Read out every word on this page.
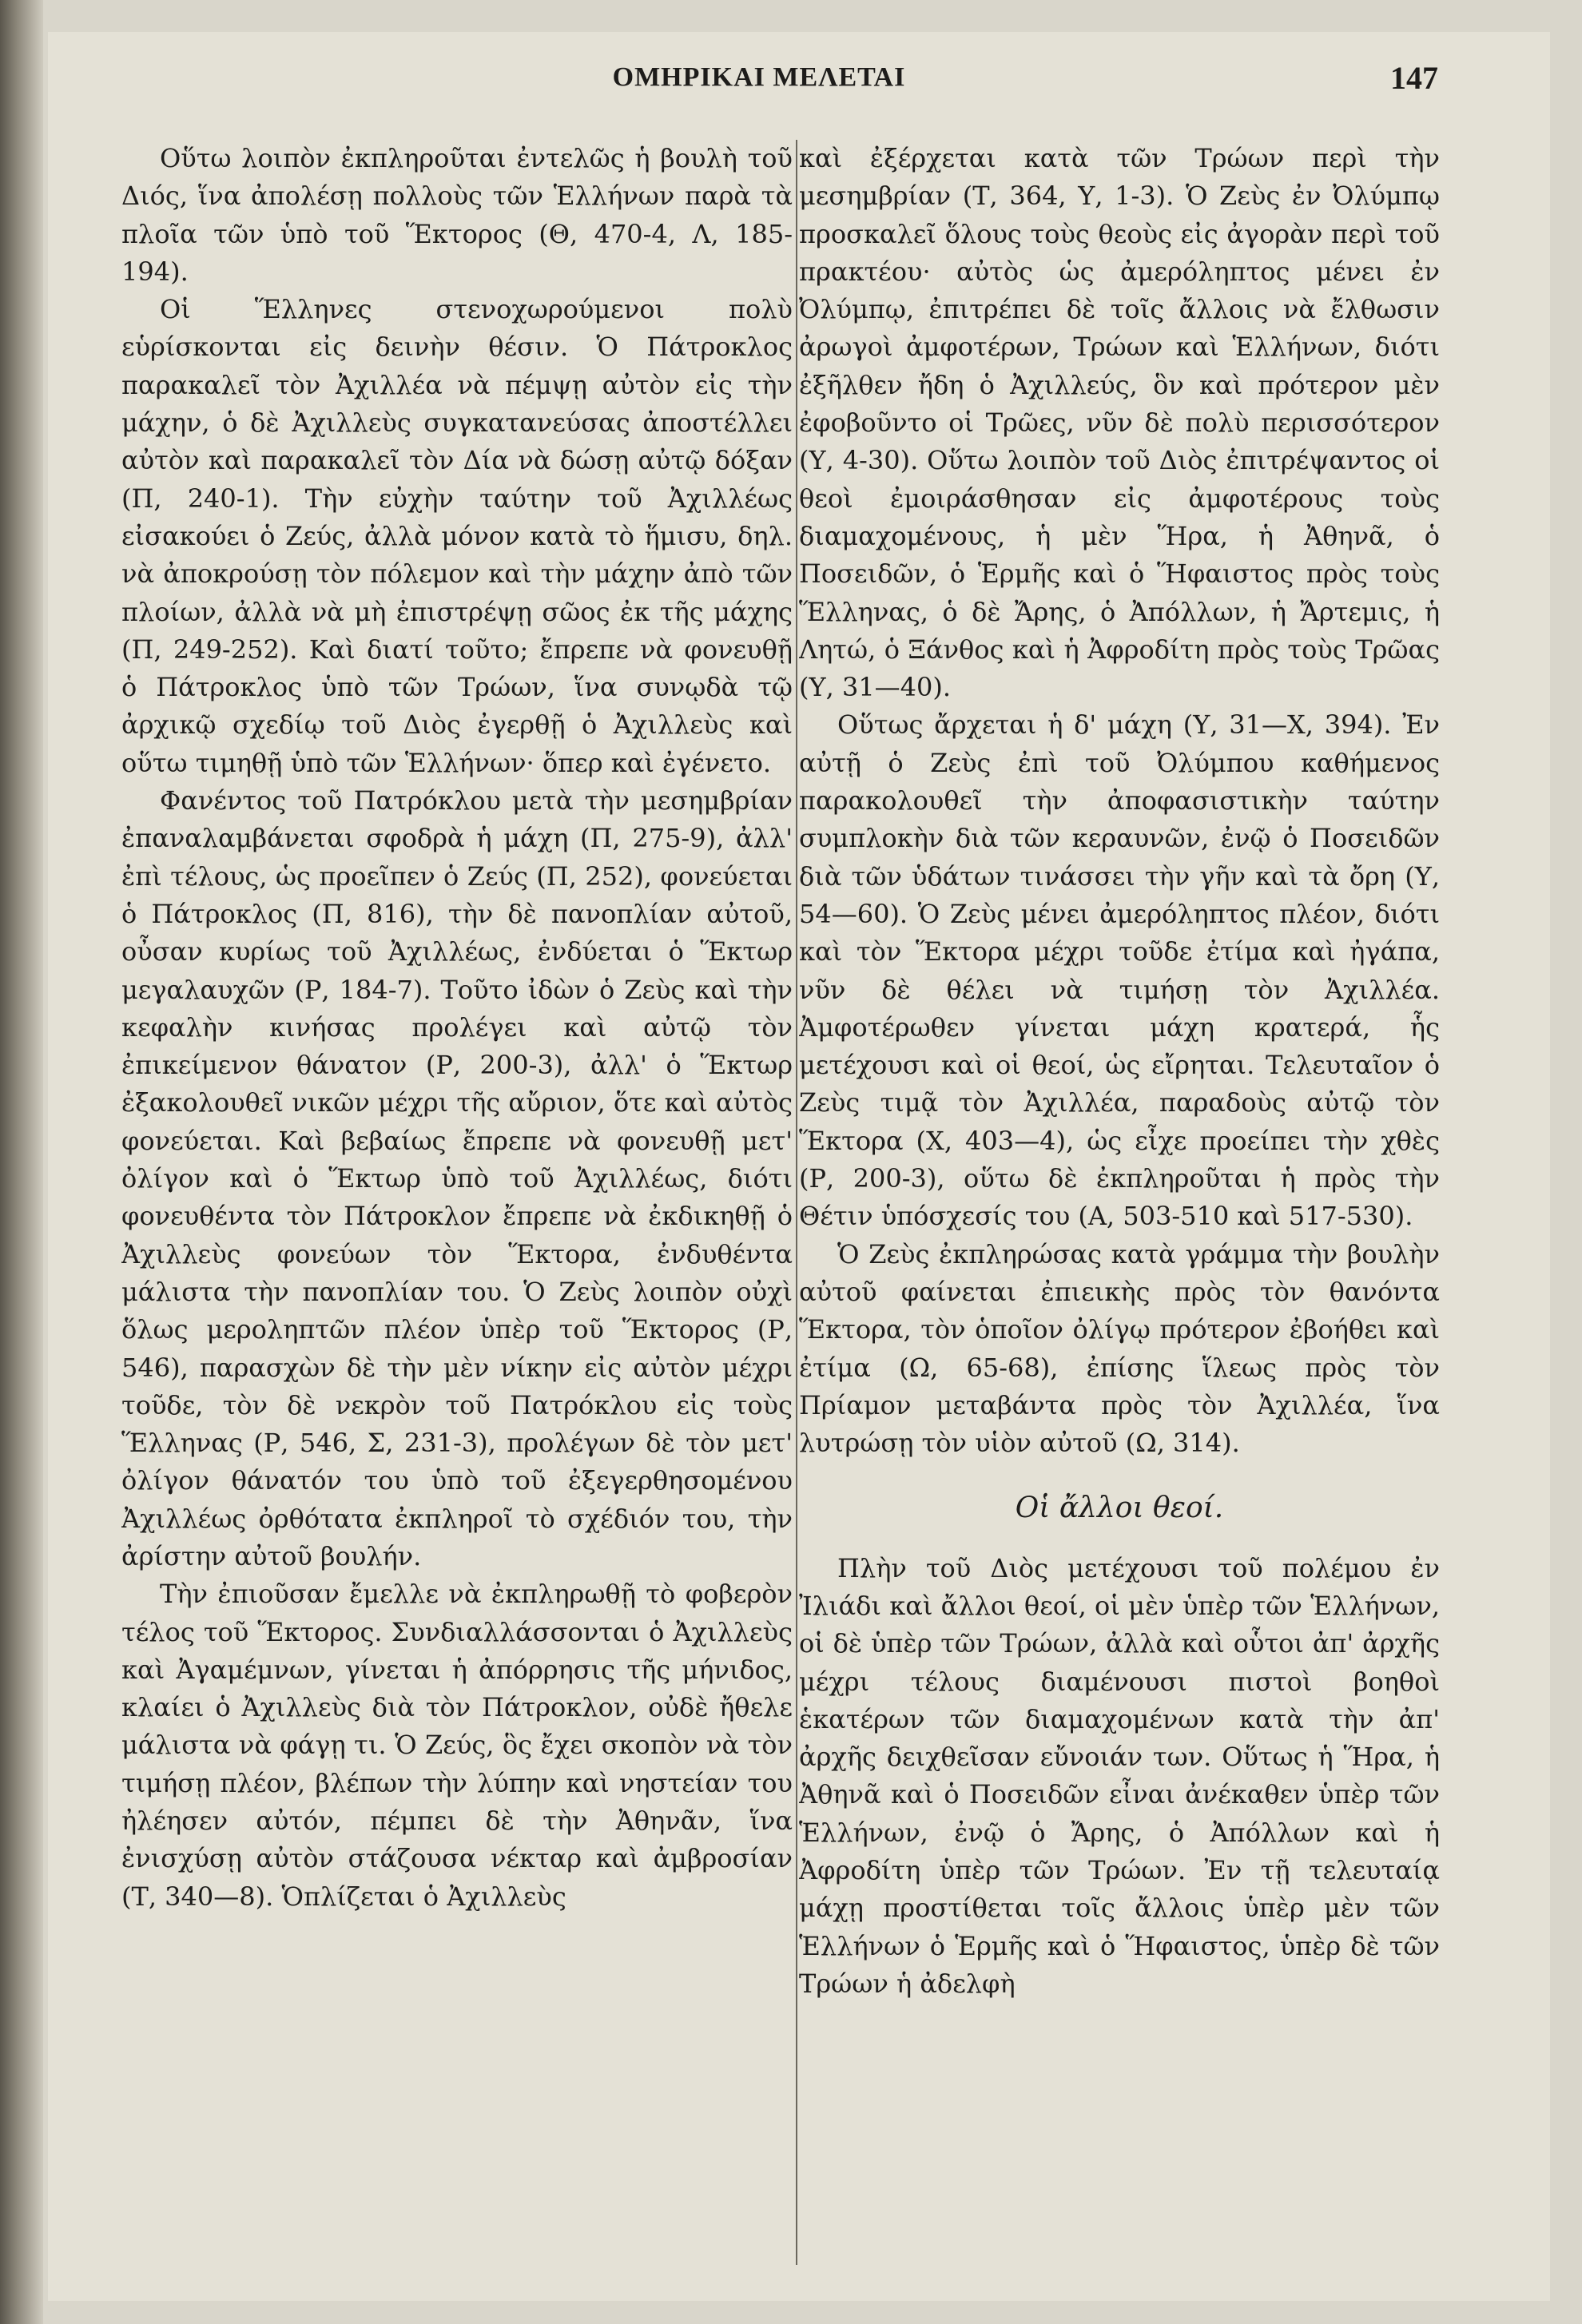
ΟΜΗΡΙΚΑΙ ΜΕΛΕΤΑΙ	147

Οὕτω λοιπὸν ἐκπληροῦται ἐντελῶς ἡ βουλὴ τοῦ Διός, ἵνα ἀπολέσῃ πολλοὺς τῶν Ἑλλήνων παρὰ τὰ πλοῖα τῶν ὑπὸ τοῦ Ἕκτορος (Θ, 470-4, Λ, 185-194).

Οἱ Ἕλληνες στενοχωρούμενοι πολὺ εὑρίσκονται εἰς δεινὴν θέσιν. Ὁ Πάτροκλος παρακαλεῖ τὸν Ἀχιλλέα νὰ πέμψῃ αὐτὸν εἰς τὴν μάχην, ὁ δὲ Ἀχιλλεὺς συγκατανεύσας ἀποστέλλει αὐτὸν καὶ παρακαλεῖ τὸν Δία νὰ δώσῃ αὐτῷ δόξαν (Π, 240-1). Τὴν εὐχὴν ταύτην τοῦ Ἀχιλλέως εἰσακούει ὁ Ζεύς, ἀλλὰ μόνον κατὰ τὸ ἥμισυ, δηλ. νὰ ἀποκρούσῃ τὸν πόλεμον καὶ τὴν μάχην ἀπὸ τῶν πλοίων, ἀλλὰ νὰ μὴ ἐπιστρέψῃ σῶος ἐκ τῆς μάχης (Π, 249-252). Καὶ διατί τοῦτο; ἔπρεπε νὰ φονευθῇ ὁ Πάτροκλος ὑπὸ τῶν Τρώων, ἵνα συνῳδὰ τῷ ἀρχικῷ σχεδίῳ τοῦ Διὸς ἐγερθῇ ὁ Ἀχιλλεὺς καὶ οὕτω τιμηθῇ ὑπὸ τῶν Ἑλλήνων· ὅπερ καὶ ἐγένετο.

Φανέντος τοῦ Πατρόκλου μετὰ τὴν μεσημβρίαν ἐπαναλαμβάνεται σφοδρὰ ἡ μάχη (Π, 275-9), ἀλλ' ἐπὶ τέλους, ὡς προεῖπεν ὁ Ζεύς (Π, 252), φονεύεται ὁ Πάτροκλος (Π, 816), τὴν δὲ πανοπλίαν αὐτοῦ, οὖσαν κυρίως τοῦ Ἀχιλλέως, ἐνδύεται ὁ Ἕκτωρ μεγαλαυχῶν (Ρ, 184-7). Τοῦτο ἰδὼν ὁ Ζεὺς καὶ τὴν κεφαλὴν κινήσας προλέγει καὶ αὐτῷ τὸν ἐπικείμενον θάνατον (Ρ, 200-3), ἀλλ' ὁ Ἕκτωρ ἐξακολουθεῖ νικῶν μέχρι τῆς αὔριον, ὅτε καὶ αὐτὸς φονεύεται. Καὶ βεβαίως ἔπρεπε νὰ φονευθῇ μετ' ὀλίγον καὶ ὁ Ἕκτωρ ὑπὸ τοῦ Ἀχιλλέως, διότι φονευθέντα τὸν Πάτροκλον ἔπρεπε νὰ ἐκδικηθῇ ὁ Ἀχιλλεὺς φονεύων τὸν Ἕκτορα, ἐνδυθέντα μάλιστα τὴν πανοπλίαν του. Ὁ Ζεὺς λοιπὸν οὐχὶ ὅλως μεροληπτῶν πλέον ὑπὲρ τοῦ Ἕκτορος (Ρ, 546), παρασχὼν δὲ τὴν μὲν νίκην εἰς αὐτὸν μέχρι τοῦδε, τὸν δὲ νεκρὸν τοῦ Πατρόκλου εἰς τοὺς Ἕλληνας (Ρ, 546, Σ, 231-3), προλέγων δὲ τὸν μετ' ὀλίγον θάνατόν του ὑπὸ τοῦ ἐξεγερθησομένου Ἀχιλλέως ὀρθότατα ἐκπληροῖ τὸ σχέδιόν του, τὴν ἀρίστην αὐτοῦ βουλήν.

Τὴν ἐπιοῦσαν ἔμελλε νὰ ἐκπληρωθῇ τὸ φοβερὸν τέλος τοῦ Ἕκτορος. Συνδιαλλάσσονται ὁ Ἀχιλλεὺς καὶ Ἀγαμέμνων, γίνεται ἡ ἀπόρρησις τῆς μήνιδος, κλαίει ὁ Ἀχιλλεὺς διὰ τὸν Πάτροκλον, οὐδὲ ἤθελε μάλιστα νὰ φάγῃ τι. Ὁ Ζεύς, ὃς ἔχει σκοπὸν νὰ τὸν τιμήσῃ πλέον, βλέπων τὴν λύπην καὶ νηστείαν του ἠλέησεν αὐτόν, πέμπει δὲ τὴν Ἀθηνᾶν, ἵνα ἐνισχύσῃ αὐτὸν στάζουσα νέκταρ καὶ ἀμβροσίαν (Τ, 340—8). Ὁπλίζεται ὁ Ἀχιλλεὺς

καὶ ἐξέρχεται κατὰ τῶν Τρώων περὶ τὴν μεσημβρίαν (Τ, 364, Υ, 1-3). Ὁ Ζεὺς ἐν Ὀλύμπῳ προσκαλεῖ ὅλους τοὺς θεοὺς εἰς ἀγορὰν περὶ τοῦ πρακτέου· αὐτὸς ὡς ἀμερόληπτος μένει ἐν Ὀλύμπῳ, ἐπιτρέπει δὲ τοῖς ἄλλοις νὰ ἔλθωσιν ἀρωγοὶ ἀμφοτέρων, Τρώων καὶ Ἑλλήνων, διότι ἐξῆλθεν ἤδη ὁ Ἀχιλλεύς, ὃν καὶ πρότερον μὲν ἐφοβοῦντο οἱ Τρῶες, νῦν δὲ πολὺ περισσότερον (Υ, 4-30). Οὕτω λοιπὸν τοῦ Διὸς ἐπιτρέψαντος οἱ θεοὶ ἐμοιράσθησαν εἰς ἀμφοτέρους τοὺς διαμαχομένους, ἡ μὲν Ἥρα, ἡ Ἀθηνᾶ, ὁ Ποσειδῶν, ὁ Ἑρμῆς καὶ ὁ Ἥφαιστος πρὸς τοὺς Ἕλληνας, ὁ δὲ Ἄρης, ὁ Ἀπόλλων, ἡ Ἄρτεμις, ἡ Λητώ, ὁ Ξάνθος καὶ ἡ Ἀφροδίτη πρὸς τοὺς Τρῶας (Υ, 31—40).

Οὕτως ἄρχεται ἡ δ' μάχη (Υ, 31—Χ, 394). Ἐν αὐτῇ ὁ Ζεὺς ἐπὶ τοῦ Ὀλύμπου καθήμενος παρακολουθεῖ τὴν ἀποφασιστικὴν ταύτην συμπλοκὴν διὰ τῶν κεραυνῶν, ἐνῷ ὁ Ποσειδῶν διὰ τῶν ὑδάτων τινάσσει τὴν γῆν καὶ τὰ ὄρη (Υ, 54—60). Ὁ Ζεὺς μένει ἀμερόληπτος πλέον, διότι καὶ τὸν Ἕκτορα μέχρι τοῦδε ἐτίμα καὶ ἠγάπα, νῦν δὲ θέλει νὰ τιμήσῃ τὸν Ἀχιλλέα. Ἀμφοτέρωθεν γίνεται μάχη κρατερά, ἧς μετέχουσι καὶ οἱ θεοί, ὡς εἴρηται. Τελευταῖον ὁ Ζεὺς τιμᾷ τὸν Ἀχιλλέα, παραδοὺς αὐτῷ τὸν Ἕκτορα (Χ, 403—4), ὡς εἶχε προείπει τὴν χθὲς (Ρ, 200-3), οὕτω δὲ ἐκπληροῦται ἡ πρὸς τὴν Θέτιν ὑπόσχεσίς του (Α, 503-510 καὶ 517-530).

Ὁ Ζεὺς ἐκπληρώσας κατὰ γράμμα τὴν βουλὴν αὐτοῦ φαίνεται ἐπιεικὴς πρὸς τὸν θανόντα Ἕκτορα, τὸν ὁποῖον ὀλίγῳ πρότερον ἐβοήθει καὶ ἐτίμα (Ω, 65-68), ἐπίσης ἵλεως πρὸς τὸν Πρίαμον μεταβάντα πρὸς τὸν Ἀχιλλέα, ἵνα λυτρώσῃ τὸν υἱὸν αὐτοῦ (Ω, 314).

Οἱ ἄλλοι θεοί.

Πλὴν τοῦ Διὸς μετέχουσι τοῦ πολέμου ἐν Ἰλιάδι καὶ ἄλλοι θεοί, οἱ μὲν ὑπὲρ τῶν Ἑλλήνων, οἱ δὲ ὑπὲρ τῶν Τρώων, ἀλλὰ καὶ οὗτοι ἀπ' ἀρχῆς μέχρι τέλους διαμένουσι πιστοὶ βοηθοὶ ἑκατέρων τῶν διαμαχομένων κατὰ τὴν ἀπ' ἀρχῆς δειχθεῖσαν εὔνοιάν των. Οὕτως ἡ Ἥρα, ἡ Ἀθηνᾶ καὶ ὁ Ποσειδῶν εἶναι ἀνέκαθεν ὑπὲρ τῶν Ἑλλήνων, ἐνῷ ὁ Ἄρης, ὁ Ἀπόλλων καὶ ἡ Ἀφροδίτη ὑπὲρ τῶν Τρώων. Ἐν τῇ τελευταίᾳ μάχῃ προστίθεται τοῖς ἄλλοις ὑπὲρ μὲν τῶν Ἑλλήνων ὁ Ἑρμῆς καὶ ὁ Ἥφαιστος, ὑπὲρ δὲ τῶν Τρώων ἡ ἀδελφὴ
